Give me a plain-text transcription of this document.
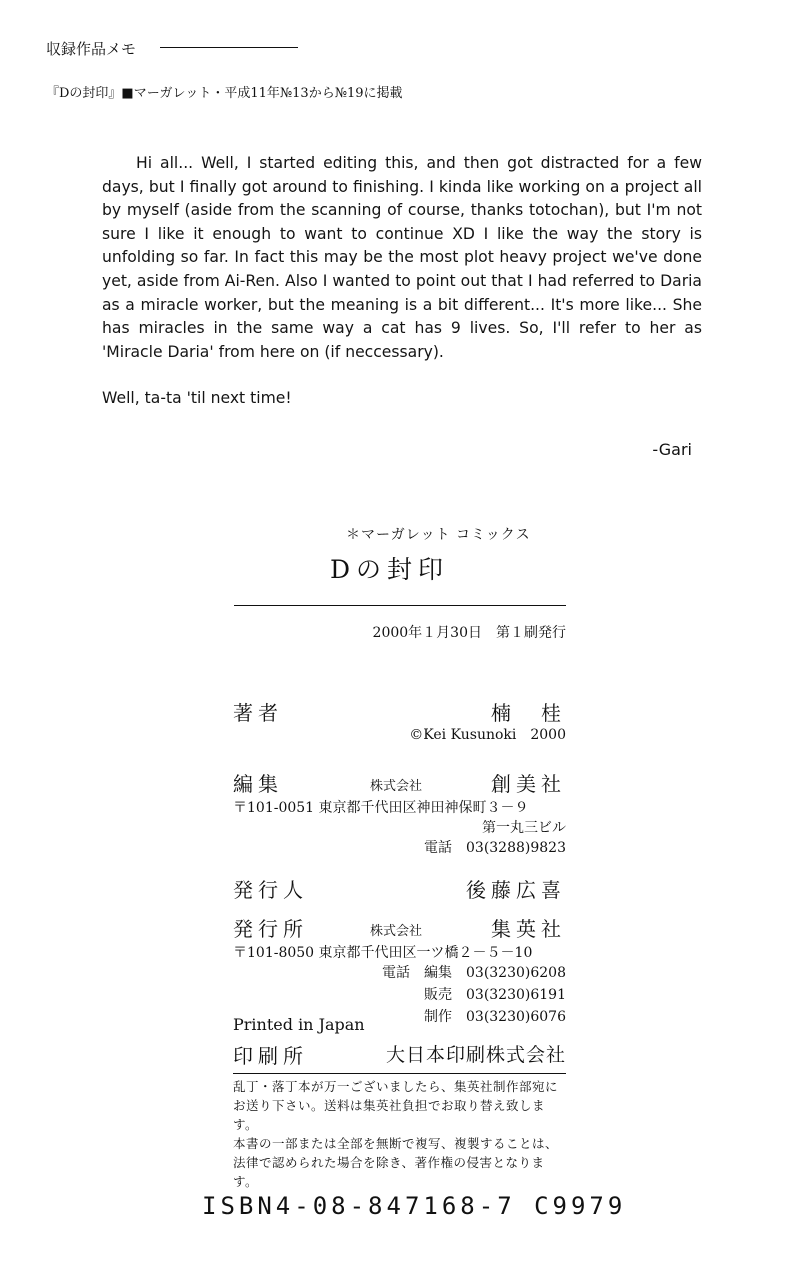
収録作品メモ
『Dの封印』■マーガレット・平成11年№13から№19に掲載

Hi all... Well, I started editing this, and then got distracted for a few days, but I finally got around to finishing. I kinda like working on a project all by myself (aside from the scanning of course, thanks totochan), but I'm not sure I like it enough to want to continue XD I like the way the story is unfolding so far. In fact this may be the most plot heavy project we've done yet, aside from Ai-Ren. Also I wanted to point out that I had referred to Daria as a miracle worker, but the meaning is a bit different... It's more like... She has miracles in the same way a cat has 9 lives. So, I'll refer to her as 'Miracle Daria' from here on (if neccessary).

Well, ta-ta 'til next time!

-Gari
＊マーガレット コミックス
Dの封印
2000年１月30日　第１刷発行
著者	楠　桂
©Kei Kusunoki　2000
編集	株式会社	創美社
〒101-0051 東京都千代田区神田神保町３－９
第一丸三ビル
電話　03(3288)9823
発行人	後藤広喜
発行所	株式会社	集英社
〒101-8050 東京都千代田区一ツ橋２－５－10
電話　編集　03(3230)6208
販売　03(3230)6191
制作　03(3230)6076
Printed in Japan
印刷所	大日本印刷株式会社
乱丁・落丁本が万一ございましたら、集英社制作部宛にお送り下さい。送料は集英社負担でお取り替え致します。
本書の一部または全部を無断で複写、複製することは、法律で認められた場合を除き、著作権の侵害となります。
ISBN4-08-847168-7 C9979
